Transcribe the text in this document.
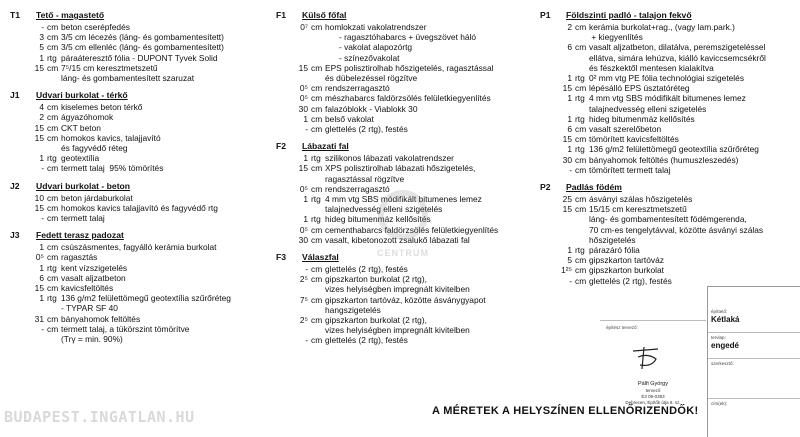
T1	Tető - magastető
- cm beton cserépfedés
3 cm 3/5 cm lécezés (láng- és gombamentesített)
5 cm 3/5 cm ellenléc (láng- és gombamentesített)
1 rtg páraáteresztő fólia - DUPONT Tyvek Solid
15 cm 7⁵/15 cm keresztmetszetű
láng- és gombamentesített szaruzat
J1	Udvari burkolat - térkő
4 cm kiselemes beton térkő
2 cm ágyazóhomok
15 cm CKT beton
15 cm homokos kavics, talajjavító
és fagyvédő réteg
1 rtg geotextília
- cm termett talaj  95% tömörítés
J2	Udvari burkolat - beton
10 cm beton járdaburkolat
15 cm homokos kavics talajjavító és fagyvédő rtg
- cm termett talaj
J3	Fedett terasz padozat
1 cm csúszásmentes, fagyálló kerámia burkolat
0⁵ cm ragasztás
1 rtg kent vízszigetelés
6 cm vasalt aljzatbeton
15 cm kavicsfeltöltés
1 rtg 136 g/m2 felülettömegű geotextília szűrőréteg
- TYPAR SF 40
31 cm bányahomok feltöltés
- cm termett talaj, a tükörszint tömörítve
(Trγ = min. 90%)
F1	Külső főfal
0⁷ cm homlokzati vakolatrendszer
- ragasztóhabarcs + üvegszövet háló
- vakolat alapozórtg
- színezővakolat
15 cm EPS polisztirolhab hőszigetelés, ragasztással
és dübelezéssel rögzítve
0⁵ cm rendszerragasztó
0⁵ cm mészhabarcs faldörzsölés felületkiegyenlítés
30 cm falazóblokk - Viablokk 30
1 cm belső vakolat
- cm glettelés (2 rtg), festés
F2	Lábazati fal
1 rtg szilikonos lábazati vakolatrendszer
15 cm XPS polisztirolhab lábazati hőszigetelés,
ragasztással rögzítve
0⁵ cm rendszerragasztó
1 rtg 4 mm vtg SBS módifikált bitumenes lemez
talajnedvesség elleni szigetelés
1 rtg hideg bitumenmáz kellősítés
0⁵ cm cementhabarcs faldörzsölés felületkiegyenlítés
30 cm vasalt, kibetonozott zsalukő lábazati fal
F3	Válaszfal
- cm glettelés (2 rtg), festés
2⁵ cm gipszkarton burkolat (2 rtg),
vizes helyiségben impregnált kivitelben
7⁵ cm gipszkarton tartóváz, közötte ásványgyapot
hangszigetelés
2⁵ cm gipszkarton burkolat (2 rtg),
vizes helyiségben impregnált kivitelben
- cm glettelés (2 rtg), festés
P1	Földszinti padló - talajon fekvő
2 cm kerámia burkolat+rag., (vagy lam.park.)
+ kiegyenlítés
6 cm vasalt aljzatbeton, dilatálva, peremszigeteléssel
ellátva, simára lehúzva, kiálló kaviccsemcsékről
és fészkektől mentesen kialakítva
1 rtg 0² mm vtg PE fólia technológiai szigetelés
15 cm lépésálló EPS úsztatóréteg
1 rtg 4 mm vtg SBS módifikált bitumenes lemez
talajnedvesség elleni szigetelés
1 rtg hideg bitumenmáz kellősítés
6 cm vasalt szerelőbeton
15 cm tömörített kavicsfeltöltés
1 rtg 136 g/m2 felülettömegű geotextília szűrőréteg
30 cm bányahomok feltöltés (humuszleszedés)
- cm tömörített termett talaj
P2	Padlás födém
25 cm ásványi szálas hőszigetelés
15 cm 15/15 cm keresztmetszetű
láng- és gombamentesített födémgerenda,
70 cm-es tengelytávval, közötte ásványi szálas
hőszigetelés
1 rtg párazáró fólia
5 cm gipszkarton tartóváz
1²⁵ cm gipszkarton burkolat
- cm glettelés (2 rtg), festés
CENTRUM
építész tervező:
Pálfi György
tervező
É3 09-0383
Debrecen, Építők útja 8. sz.
építtető:
Kétlaká
tervlap:
engedé
szerkesztő:
cím(ek):
A MÉRETEK A HELYSZÍNEN ELLENŐRIZENDŐK!
BUDAPEST.INGATLAN.HU
